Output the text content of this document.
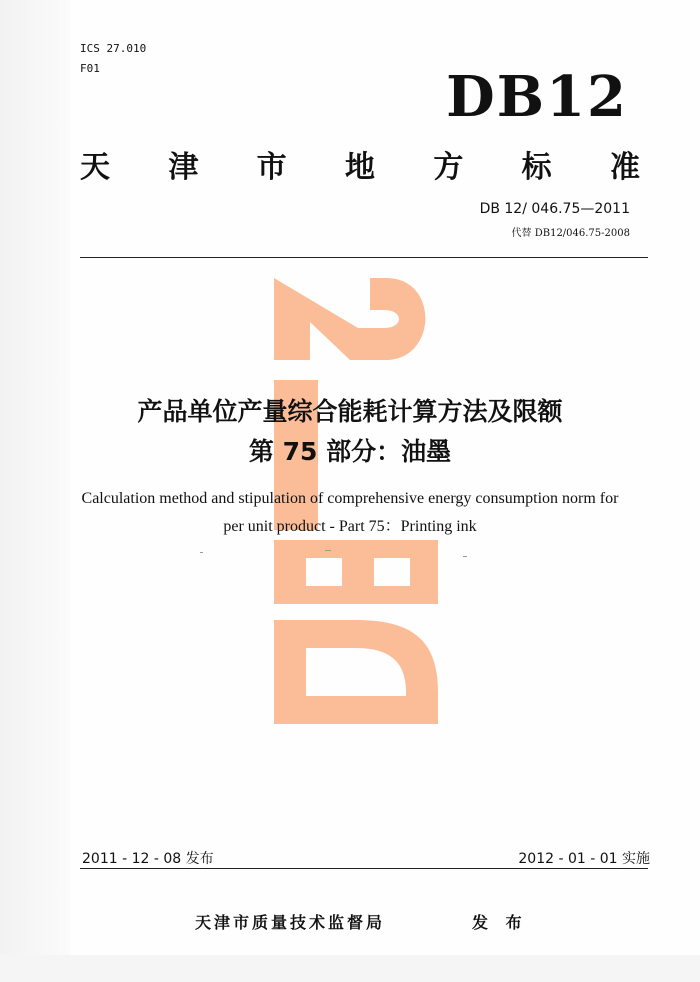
ICS 27.010
F01	DB12
天 津 市 地 方 标 准
DB 12/ 046.75—2011
代替 DB12/046.75-2008
产品单位产量综合能耗计算方法及限额
第 75 部分：油墨
Calculation method and stipulation of comprehensive energy consumption norm for
per unit product - Part 75：Printing ink
2011 - 12 - 08 发布	2012 - 01 - 01 实施
天津市质量技术监督局	发 布
